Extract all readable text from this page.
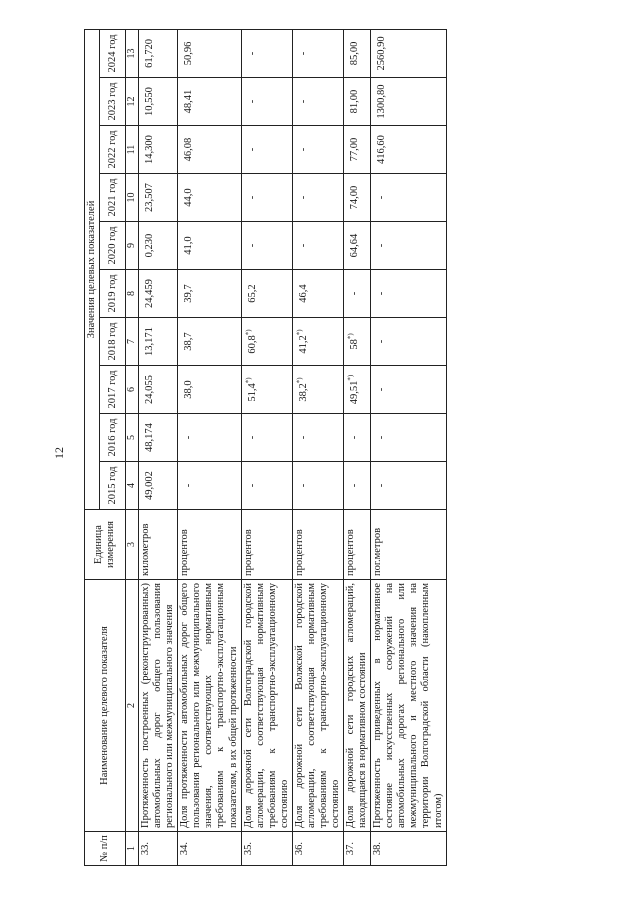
12
№ п/п	Наименование целевого показателя	Единица измерения	Значения целевых показателей									
			2015 год	2016 год	2017 год	2018 год	2019 год	2020 год	2021 год	2022 год	2023 год	2024 год
1	2	3	4	5	6	7	8	9	10	11	12	13
33.	Протяженность построенных (реконструированных) автомобильных дорог общего пользования регионального или межмуниципального значения	километров	49,002	48,174	24,055	13,171	24,459	0,230	23,507	14,300	10,550	61,720
34.	Доля протяженности автомобильных дорог общего пользования регионального или межмуниципального значения, соответствующих нормативным требованиям к транспортно-эксплуатационным показателям, в их общей протяженности	процентов	-	-	38,0	38,7	39,7	41,0	44,0	46,08	48,41	50,96
35.	Доля дорожной сети Волгоградской городской агломерации, соответствующая нормативным требованиям к транспортно-эксплуатационному состоянию	процентов	-	-	51,4*)	60,8*)	65,2	-	-	-	-	-
36.	Доля дорожной сети Волжской городской агломерации, соответствующая нормативным требованиям к транспортно-эксплуатационному состоянию	процентов	-	-	38,2*)	41,2*)	46,4	-	-	-	-	-
37.	Доля дорожной сети городских агломераций, находящаяся в нормативном состоянии	процентов	-	-	49,51*)	58*)	-	64,64	74,00	77,00	81,00	85,00
38.	Протяженность приведенных в нормативное состояние искусственных сооружений на автомобильных дорогах регионального или межмуниципального и местного значения на территории Волгоградской области (накопленным итогом)	пог.метров	-	-	-	-	-	-	-	416,60	1300,80	2560,90
